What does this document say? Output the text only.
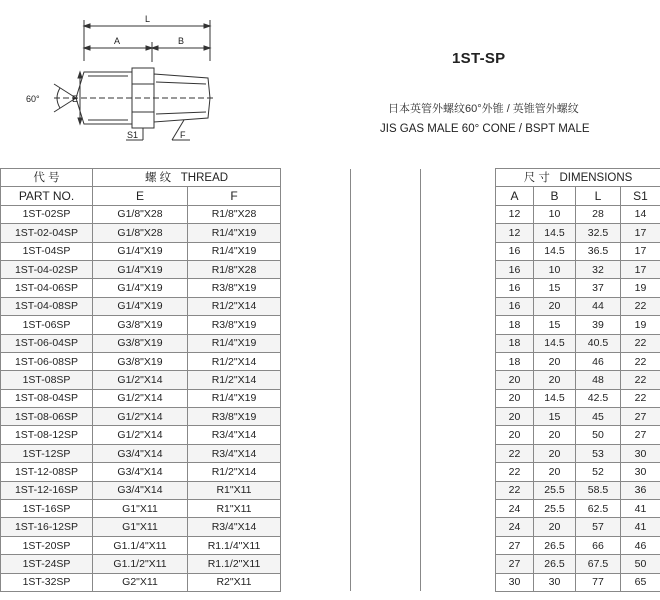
L
A	B
E
60°
S1	F
1ST-SP
日本英管外螺纹60°外锥 / 英锥管外螺纹
JIS GAS MALE 60° CONE / BSPT MALE
代 号	螺 纹 THREAD					尺 寸 DIMENSIONS				
PART NO.	E	F				A	B	L	S1	
1ST-02SP	G1/8"X28	R1/8"X28				12	10	28	14	
1ST-02-04SP	G1/8"X28	R1/4"X19				12	14.5	32.5	17	
1ST-04SP	G1/4"X19	R1/4"X19				16	14.5	36.5	17	
1ST-04-02SP	G1/4"X19	R1/8"X28				16	10	32	17	
1ST-04-06SP	G1/4"X19	R3/8"X19				16	15	37	19	
1ST-04-08SP	G1/4"X19	R1/2"X14				16	20	44	22	
1ST-06SP	G3/8"X19	R3/8"X19				18	15	39	19	
1ST-06-04SP	G3/8"X19	R1/4"X19				18	14.5	40.5	22	
1ST-06-08SP	G3/8"X19	R1/2"X14				18	20	46	22	
1ST-08SP	G1/2"X14	R1/2"X14				20	20	48	22	
1ST-08-04SP	G1/2"X14	R1/4"X19				20	14.5	42.5	22	
1ST-08-06SP	G1/2"X14	R3/8"X19				20	15	45	27	
1ST-08-12SP	G1/2"X14	R3/4"X14				20	20	50	27	
1ST-12SP	G3/4"X14	R3/4"X14				22	20	53	30	
1ST-12-08SP	G3/4"X14	R1/2"X14				22	20	52	30	
1ST-12-16SP	G3/4"X14	R1"X11				22	25.5	58.5	36	
1ST-16SP	G1"X11	R1"X11				24	25.5	62.5	41	
1ST-16-12SP	G1"X11	R3/4"X14				24	20	57	41	
1ST-20SP	G1.1/4"X11	R1.1/4"X11				27	26.5	66	46	
1ST-24SP	G1.1/2"X11	R1.1/2"X11				27	26.5	67.5	50	
1ST-32SP	G2"X11	R2"X11				30	30	77	65	
